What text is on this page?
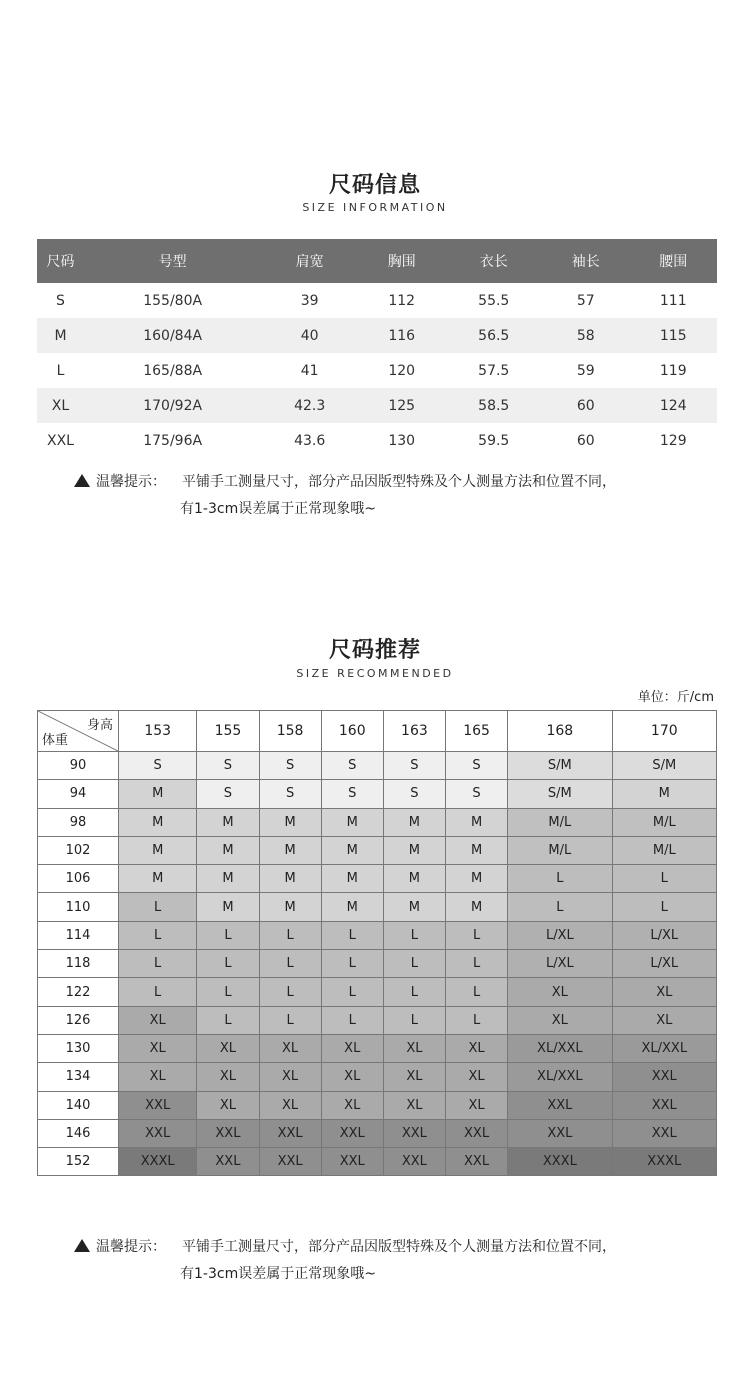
尺码信息
SIZE INFORMATION
尺码	号型	肩宽	胸围	衣长	袖长	腰围
S	155/80A	39	112	55.5	57	111
M	160/84A	40	116	56.5	58	115
L	165/88A	41	120	57.5	59	119
XL	170/92A	42.3	125	58.5	60	124
XXL	175/96A	43.6	130	59.5	60	129
温馨提示： 平铺手工测量尺寸，部分产品因版型特殊及个人测量方法和位置不同，
有1-3cm误差属于正常现象哦~
尺码推荐
SIZE RECOMMENDED
单位：斤/cm
身高
体重	153	155	158	160	163	165	168	170
90	S	S	S	S	S	S	S/M	S/M
94	M	S	S	S	S	S	S/M	M
98	M	M	M	M	M	M	M/L	M/L
102	M	M	M	M	M	M	M/L	M/L
106	M	M	M	M	M	M	L	L
110	L	M	M	M	M	M	L	L
114	L	L	L	L	L	L	L/XL	L/XL
118	L	L	L	L	L	L	L/XL	L/XL
122	L	L	L	L	L	L	XL	XL
126	XL	L	L	L	L	L	XL	XL
130	XL	XL	XL	XL	XL	XL	XL/XXL	XL/XXL
134	XL	XL	XL	XL	XL	XL	XL/XXL	XXL
140	XXL	XL	XL	XL	XL	XL	XXL	XXL
146	XXL	XXL	XXL	XXL	XXL	XXL	XXL	XXL
152	XXXL	XXL	XXL	XXL	XXL	XXL	XXXL	XXXL
温馨提示： 平铺手工测量尺寸，部分产品因版型特殊及个人测量方法和位置不同，
有1-3cm误差属于正常现象哦~
